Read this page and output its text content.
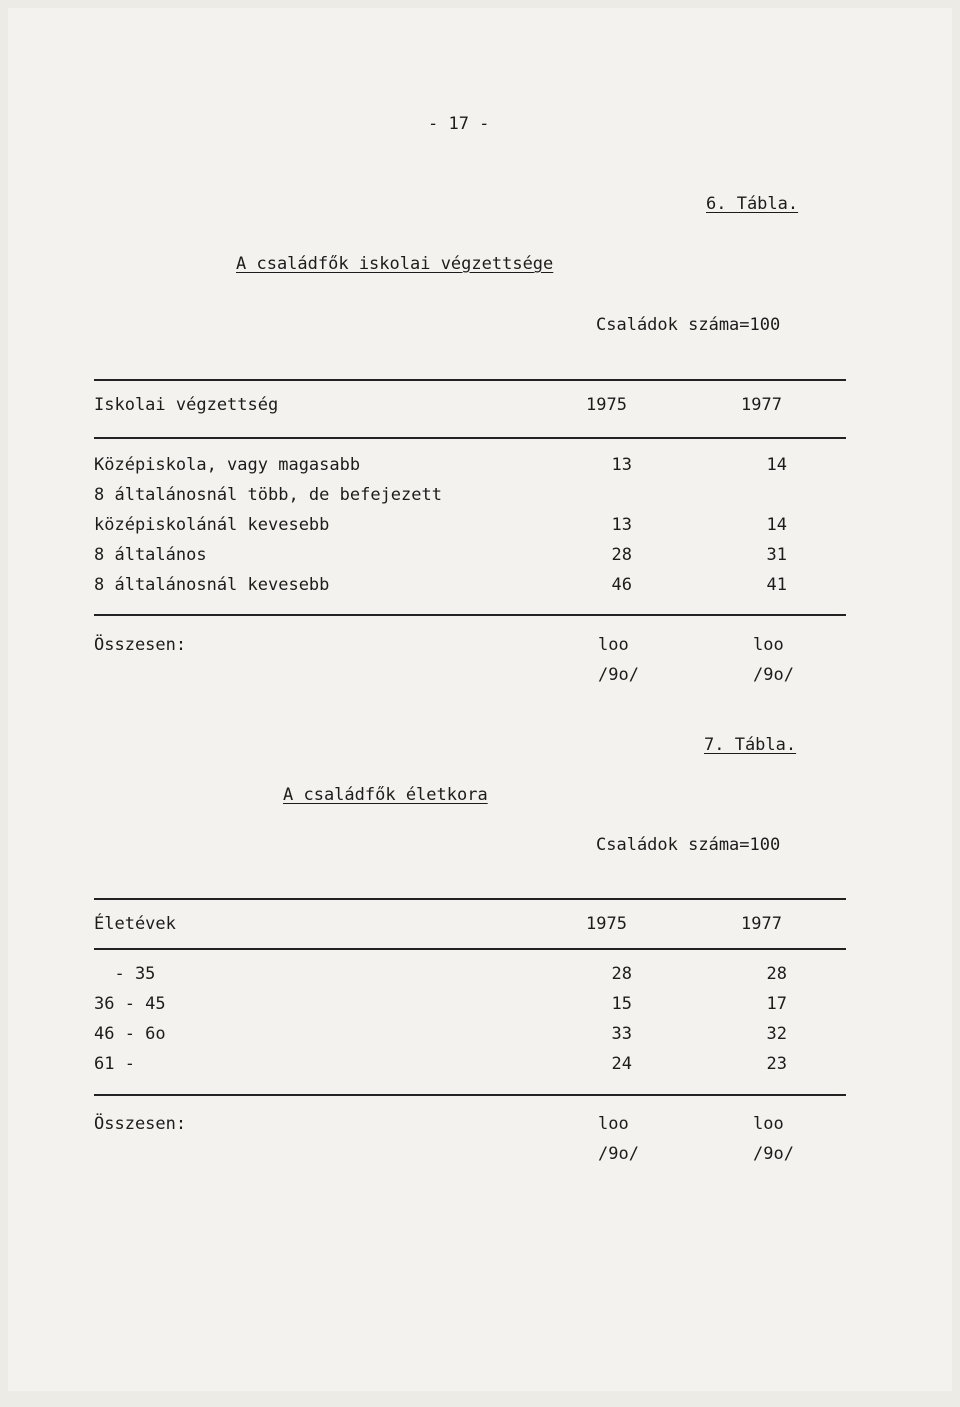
- 17 -
6. Tábla.
A családfők iskolai végzettsége
Családok száma=100
Iskolai végzettség	1975	1977
Középiskola, vagy magasabb	13	14
8 általánosnál több, de befejezett
középiskolánál kevesebb	13	14
8 általános	28	31
8 általánosnál kevesebb	46	41
Összesen:	loo	loo
/9o/	/9o/
7. Tábla.
A családfők életkora
Családok száma=100
Életévek	1975	1977
- 35	28	28
36 - 45	15	17
46 - 6o	33	32
61 -	24	23
Összesen:	loo	loo
/9o/	/9o/
